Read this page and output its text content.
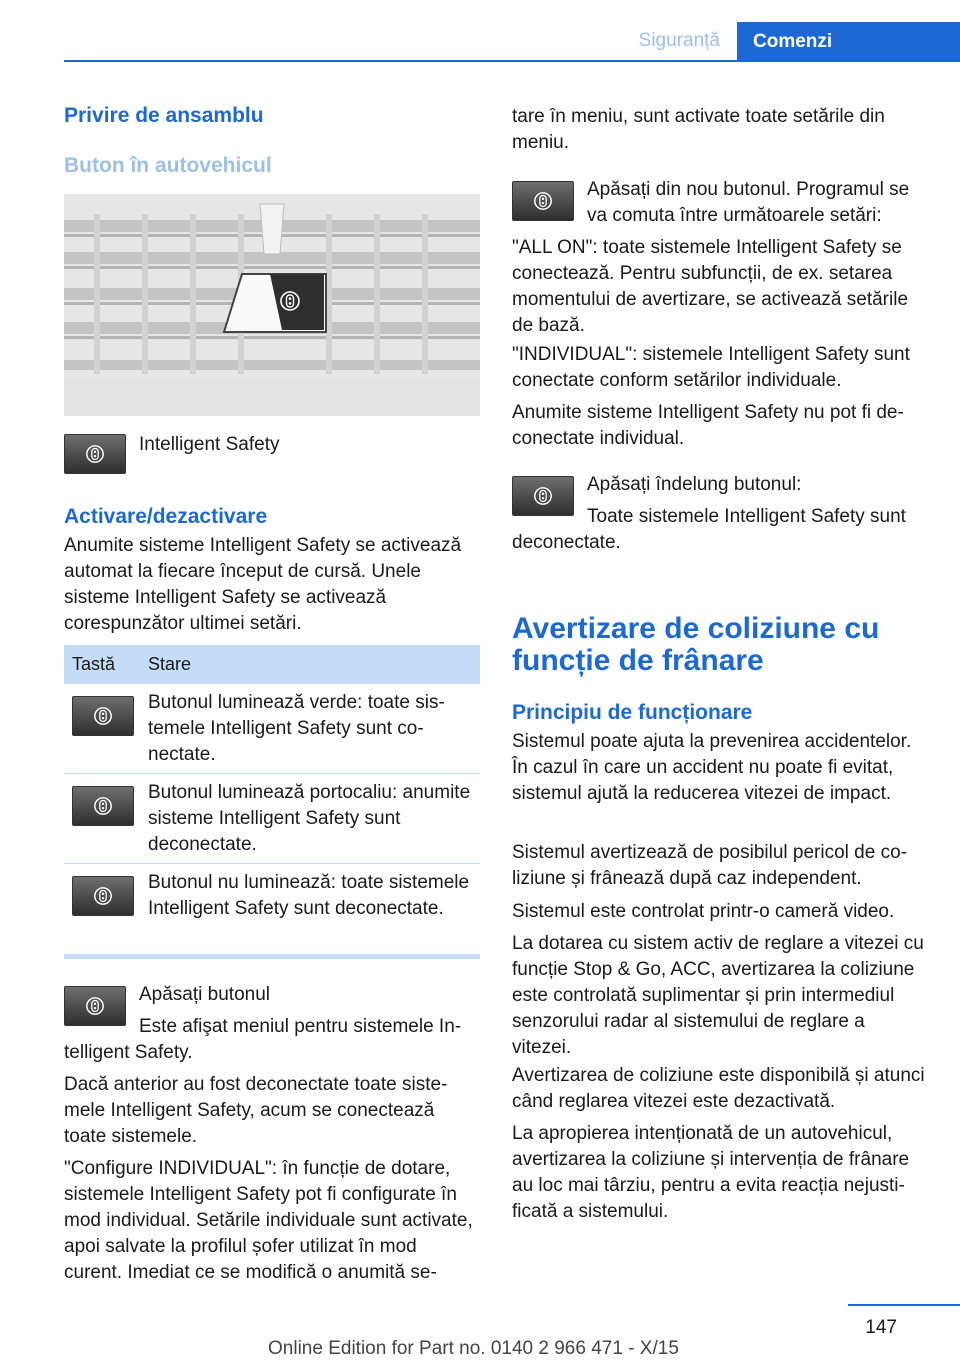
Siguranță	Comenzi
Privire de ansamblu
Buton în autovehicul
Intelligent Safety
Activare/dezactivare

Anumite sisteme Intelligent Safety se activează automat la fiecare început de cursă. Unele sisteme Intelligent Safety se activează corespunzător ultimei setări.

Tastă	Stare
Butonul luminează verde: toate sistemele Intelligent Safety sunt conectate.
Butonul luminează portocaliu: anumite sisteme Intelligent Safety sunt deconectate.
Butonul nu luminează: toate sistemele Intelligent Safety sunt deconectate.
Apăsați butonul
Este afişat meniul pentru sistemele Intelligent Safety.

Dacă anterior au fost deconectate toate sistemele Intelligent Safety, acum se conectează toate sistemele.

"Configure INDIVIDUAL": în funcție de dotare, sistemele Intelligent Safety pot fi configurate în mod individual. Setările individuale sunt activate, apoi salvate la profilul șofer utilizat în mod curent. Imediat ce se modifică o anumită se-

tare în meniu, sunt activate toate setările din meniu.

Apăsați din nou butonul. Programul se va comuta între următoarele setări:

"ALL ON": toate sistemele Intelligent Safety se conectează. Pentru subfuncții, de ex. setarea momentului de avertizare, se activează setările de bază.

"INDIVIDUAL": sistemele Intelligent Safety sunt conectate conform setărilor individuale.

Anumite sisteme Intelligent Safety nu pot fi deconectate individual.

Apăsați îndelung butonul:
Toate sistemele Intelligent Safety sunt deconectate.
Avertizare de coliziune cu funcție de frânare
Principiu de funcționare

Sistemul poate ajuta la prevenirea accidentelor. În cazul în care un accident nu poate fi evitat, sistemul ajută la reducerea vitezei de impact.

Sistemul avertizează de posibilul pericol de coliziune și frânează după caz independent.

Sistemul este controlat printr-o cameră video.

La dotarea cu sistem activ de reglare a vitezei cu funcție Stop & Go, ACC, avertizarea la coliziune este controlată suplimentar și prin intermediul senzorului radar al sistemului de reglare a vitezei.

Avertizarea de coliziune este disponibilă și atunci când reglarea vitezei este dezactivată.

La apropierea intenționată de un autovehicul, avertizarea la coliziune și intervenția de frânare au loc mai târziu, pentru a evita reacția nejustificată a sistemului.

147
Online Edition for Part no. 0140 2 966 471 - X/15
